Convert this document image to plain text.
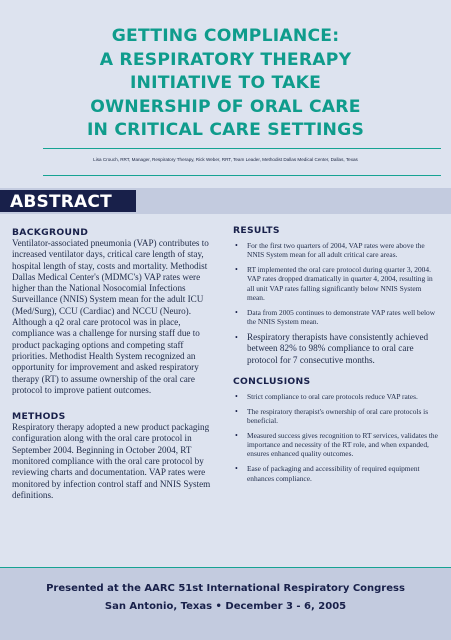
GETTING COMPLIANCE:
A RESPIRATORY THERAPY
INITIATIVE TO TAKE
OWNERSHIP OF ORAL CARE
IN CRITICAL CARE SETTINGS
Lisa Crouch, RRT, Manager, Respiratory Therapy, Rick Weber, RRT, Team Leader, Methodist Dallas Medical Center, Dallas, Texas
ABSTRACT
BACKGROUND

Ventilator-associated pneumonia (VAP) contributes to increased ventilator days, critical care length of stay, hospital length of stay, costs and mortality. Methodist Dallas Medical Center's (MDMC's) VAP rates were higher than the National Nosocomial Infections Surveillance (NNIS) System mean for the adult ICU (Med/Surg), CCU (Cardiac) and NCCU (Neuro). Although a q2 oral care protocol was in place, compliance was a challenge for nursing staff due to product packaging options and competing staff priorities. Methodist Health System recognized an opportunity for improvement and asked respiratory therapy (RT) to assume ownership of the oral care protocol to improve patient outcomes.

METHODS

Respiratory therapy adopted a new product packaging configuration along with the oral care protocol in September 2004. Beginning in October 2004, RT monitored compliance with the oral care protocol by reviewing charts and documentation. VAP rates were monitored by infection control staff and NNIS System definitions.

RESULTS
• For the first two quarters of 2004, VAP rates were above the NNIS System mean for all adult critical care areas.
• RT implemented the oral care protocol during quarter 3, 2004. VAP rates dropped dramatically in quarter 4, 2004, resulting in all unit VAP rates falling significantly below NNIS System mean.
• Data from 2005 continues to demonstrate VAP rates well below the NNIS System mean.
• Respiratory therapists have consistently achieved between 82% to 98% compliance to oral care protocol for 7 consecutive months.
CONCLUSIONS
• Strict compliance to oral care protocols reduce VAP rates.
• The respiratory therapist's ownership of oral care protocols is beneficial.
• Measured success gives recognition to RT services, validates the importance and necessity of the RT role, and when expanded, ensures enhanced quality outcomes.
• Ease of packaging and accessibility of required equipment enhances compliance.
Presented at the AARC 51st International Respiratory Congress
San Antonio, Texas • December 3 - 6, 2005
